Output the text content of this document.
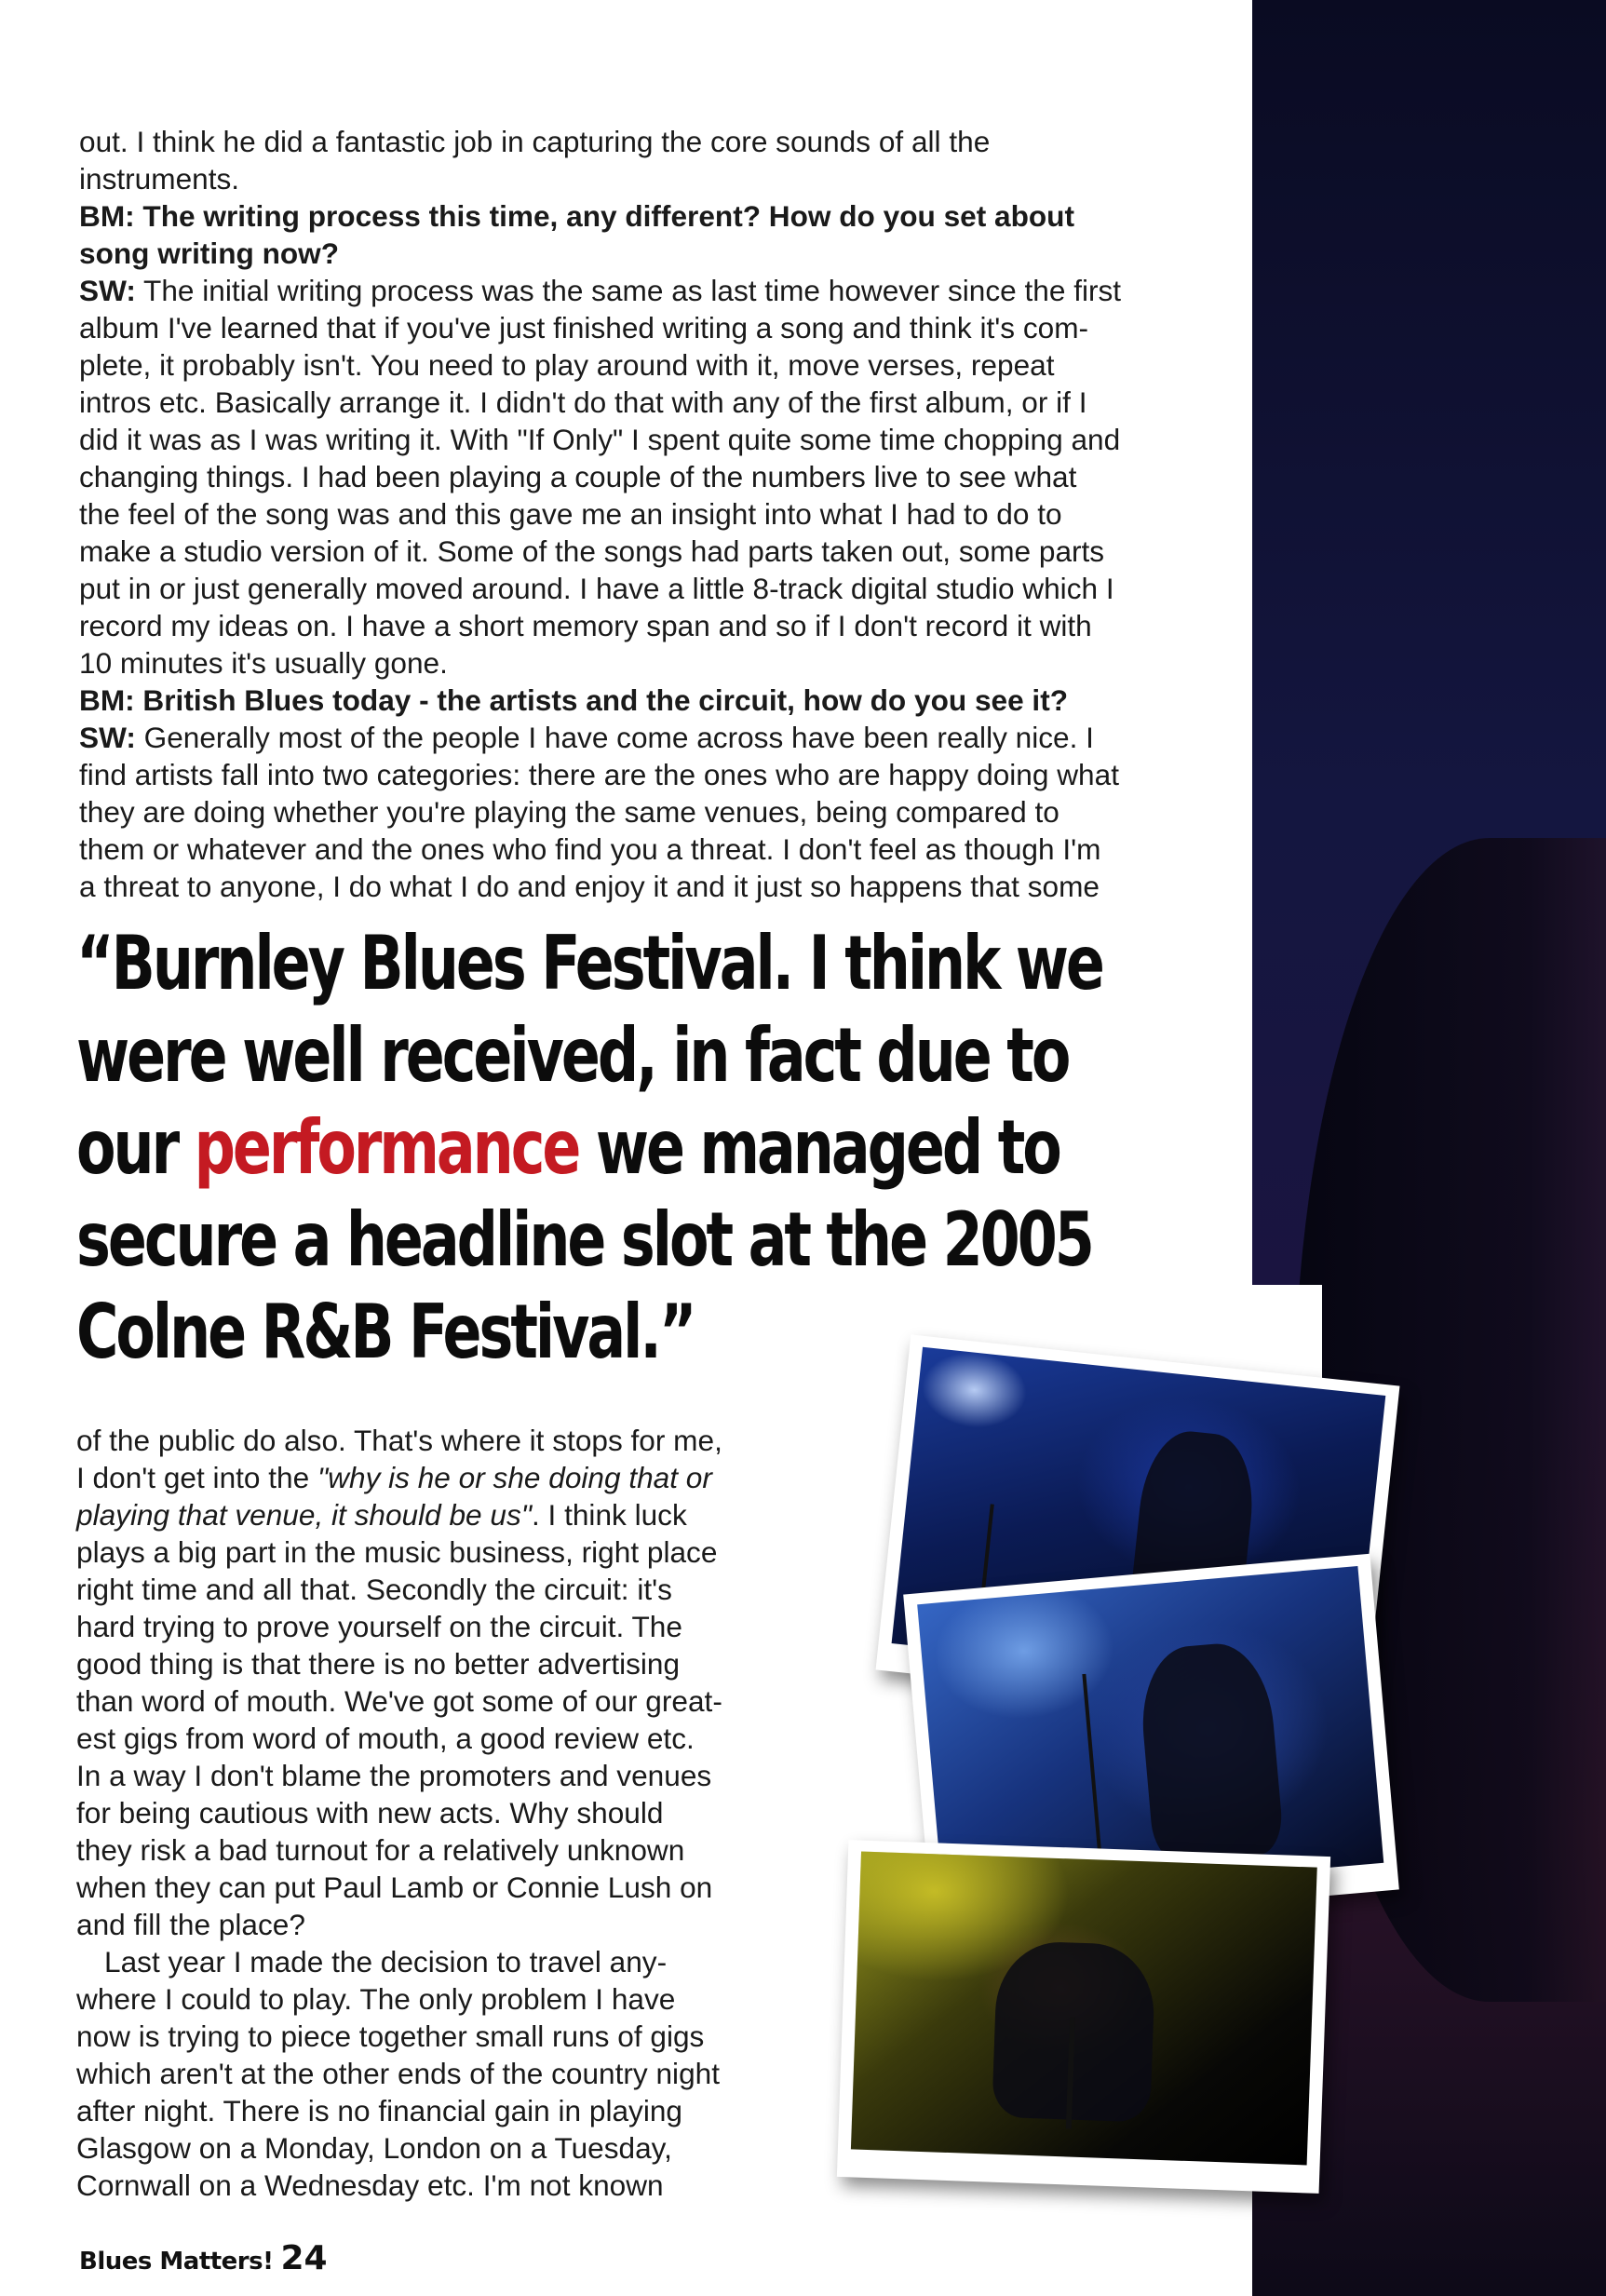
out. I think he did a fantastic job in capturing the core sounds of all the

instruments.

BM: The writing process this time, any different? How do you set about

song writing now?

SW: The initial writing process was the same as last time however since the first

album I've learned that if you've just finished writing a song and think it's com-

plete, it probably isn't. You need to play around with it, move verses, repeat

intros etc. Basically arrange it. I didn't do that with any of the first album, or if I

did it was as I was writing it. With "If Only" I spent quite some time chopping and

changing things. I had been playing a couple of the numbers live to see what

the feel of the song was and this gave me an insight into what I had to do to

make a studio version of it. Some of the songs had parts taken out, some parts

put in or just generally moved around. I have a little 8-track digital studio which I

record my ideas on. I have a short memory span and so if I don't record it with

10 minutes it's usually gone.

BM: British Blues today - the artists and the circuit, how do you see it?

SW: Generally most of the people I have come across have been really nice. I

find artists fall into two categories: there are the ones who are happy doing what

they are doing whether you're playing the same venues, being compared to

them or whatever and the ones who find you a threat. I don't feel as though I'm

a threat to anyone, I do what I do and enjoy it and it just so happens that some

“Burnley Blues Festival. I think we
were well received, in fact due to
our performance we managed to
secure a headline slot at the 2005
Colne R&B Festival.”

of the public do also. That's where it stops for me,

I don't get into the "why is he or she doing that or

playing that venue, it should be us". I think luck

plays a big part in the music business, right place

right time and all that. Secondly the circuit: it's

hard trying to prove yourself on the circuit. The

good thing is that there is no better advertising

than word of mouth. We've got some of our great-

est gigs from word of mouth, a good review etc.

In a way I don't blame the promoters and venues

for being cautious with new acts. Why should

they risk a bad turnout for a relatively unknown

when they can put Paul Lamb or Connie Lush on

and fill the place?

Last year I made the decision to travel any-

where I could to play. The only problem I have

now is trying to piece together small runs of gigs

which aren't at the other ends of the country night

after night. There is no financial gain in playing

Glasgow on a Monday, London on a Tuesday,

Cornwall on a Wednesday etc. I'm not known

Blues Matters! 24
